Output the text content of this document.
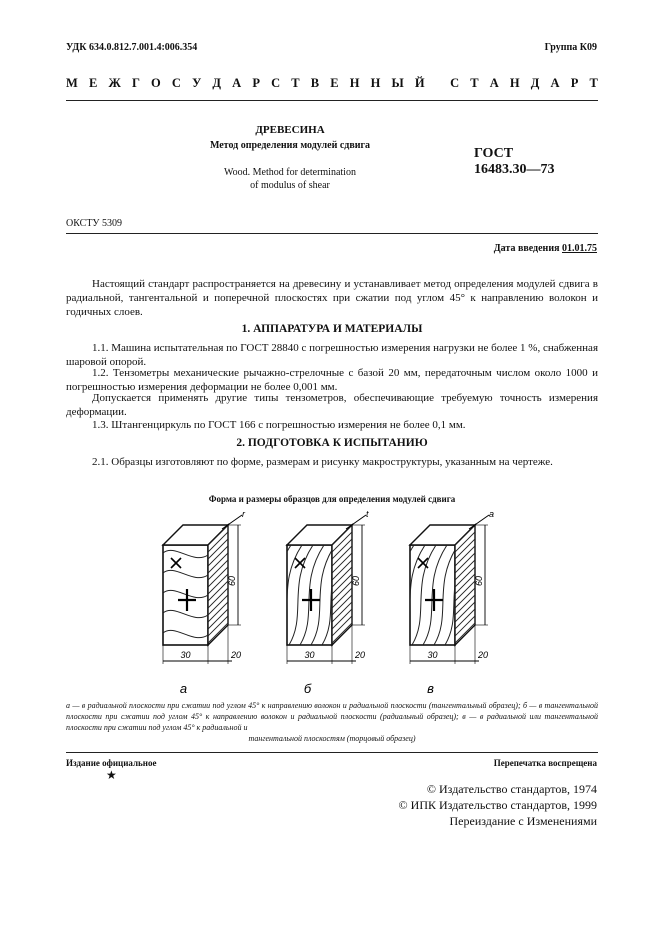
УДК 634.0.812.7.001.4:006.354	Группа К09
М Е Ж Г О С У Д А Р С Т В Е Н Н Ы Й
С Т А Н Д А Р Т
ДРЕВЕСИНА
Метод определения модулей сдвига
Wood. Method for determination
of modulus of shear
ГОСТ
16483.30—73
ОКСТУ 5309
Дата введения 01.01.75
Настоящий стандарт распространяется на древесину и устанавливает метод определения модулей сдвига в радиальной, тангентальной и поперечной плоскостях при сжатии под углом 45° к направлению волокон и годичных слоев.
1. АППАРАТУРА И МАТЕРИАЛЫ
1.1. Машина испытательная по ГОСТ 28840 с погрешностью измерения нагрузки не более 1 %, снабженная шаровой опорой.
1.2. Тензометры механические рычажно-стрелочные с базой 20 мм, передаточным числом около 1000 и погрешностью измерения деформации не более 0,001 мм.
Допускается применять другие типы тензометров, обеспечивающие требуемую точность измерения деформации.
1.3. Штангенциркуль по ГОСТ 166 с погрешностью измерения не более 0,1 мм.
2. ПОДГОТОВКА К ИСПЫТАНИЮ
2.1. Образцы изготовляют по форме, размерам и рисунку макроструктуры, указанным на чертеже.
Форма и размеры образцов для определения модулей сдвига
r
60
30	20
а
t
60
30	20
б
a
60
30	20
в
а — в радиальной плоскости при сжатии под углом 45° к направлению волокон и радиальной плоскости (тангентальный образец); б — в тангентальной плоскости при сжатии под углом 45° к направлению волокон и радиальной плоскости (радиальный образец); в — в радиальной или тангентальной плоскости при сжатии под углом 45° к радиальной и
тангентальной плоскостям (торцовый образец)
Издание официальное	Перепечатка воспрещена
★
© Издательство стандартов, 1974
© ИПК Издательство стандартов, 1999
Переиздание с Изменениями
